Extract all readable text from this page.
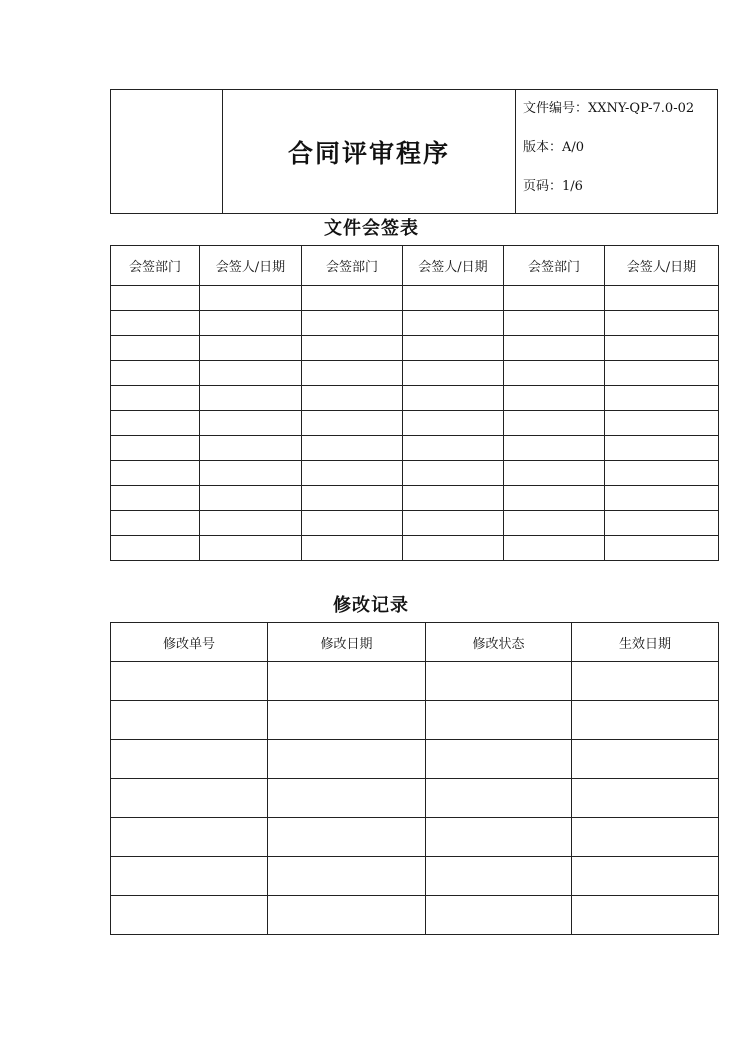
	合同评审程序	
文件编号：XXNY-QP-7.0-02
版本：A/0
页码：1/6
文件会签表
会签部门	会签人/日期	会签部门	会签人/日期	会签部门	会签人/日期

修改记录
修改单号	修改日期	修改状态	生效日期
